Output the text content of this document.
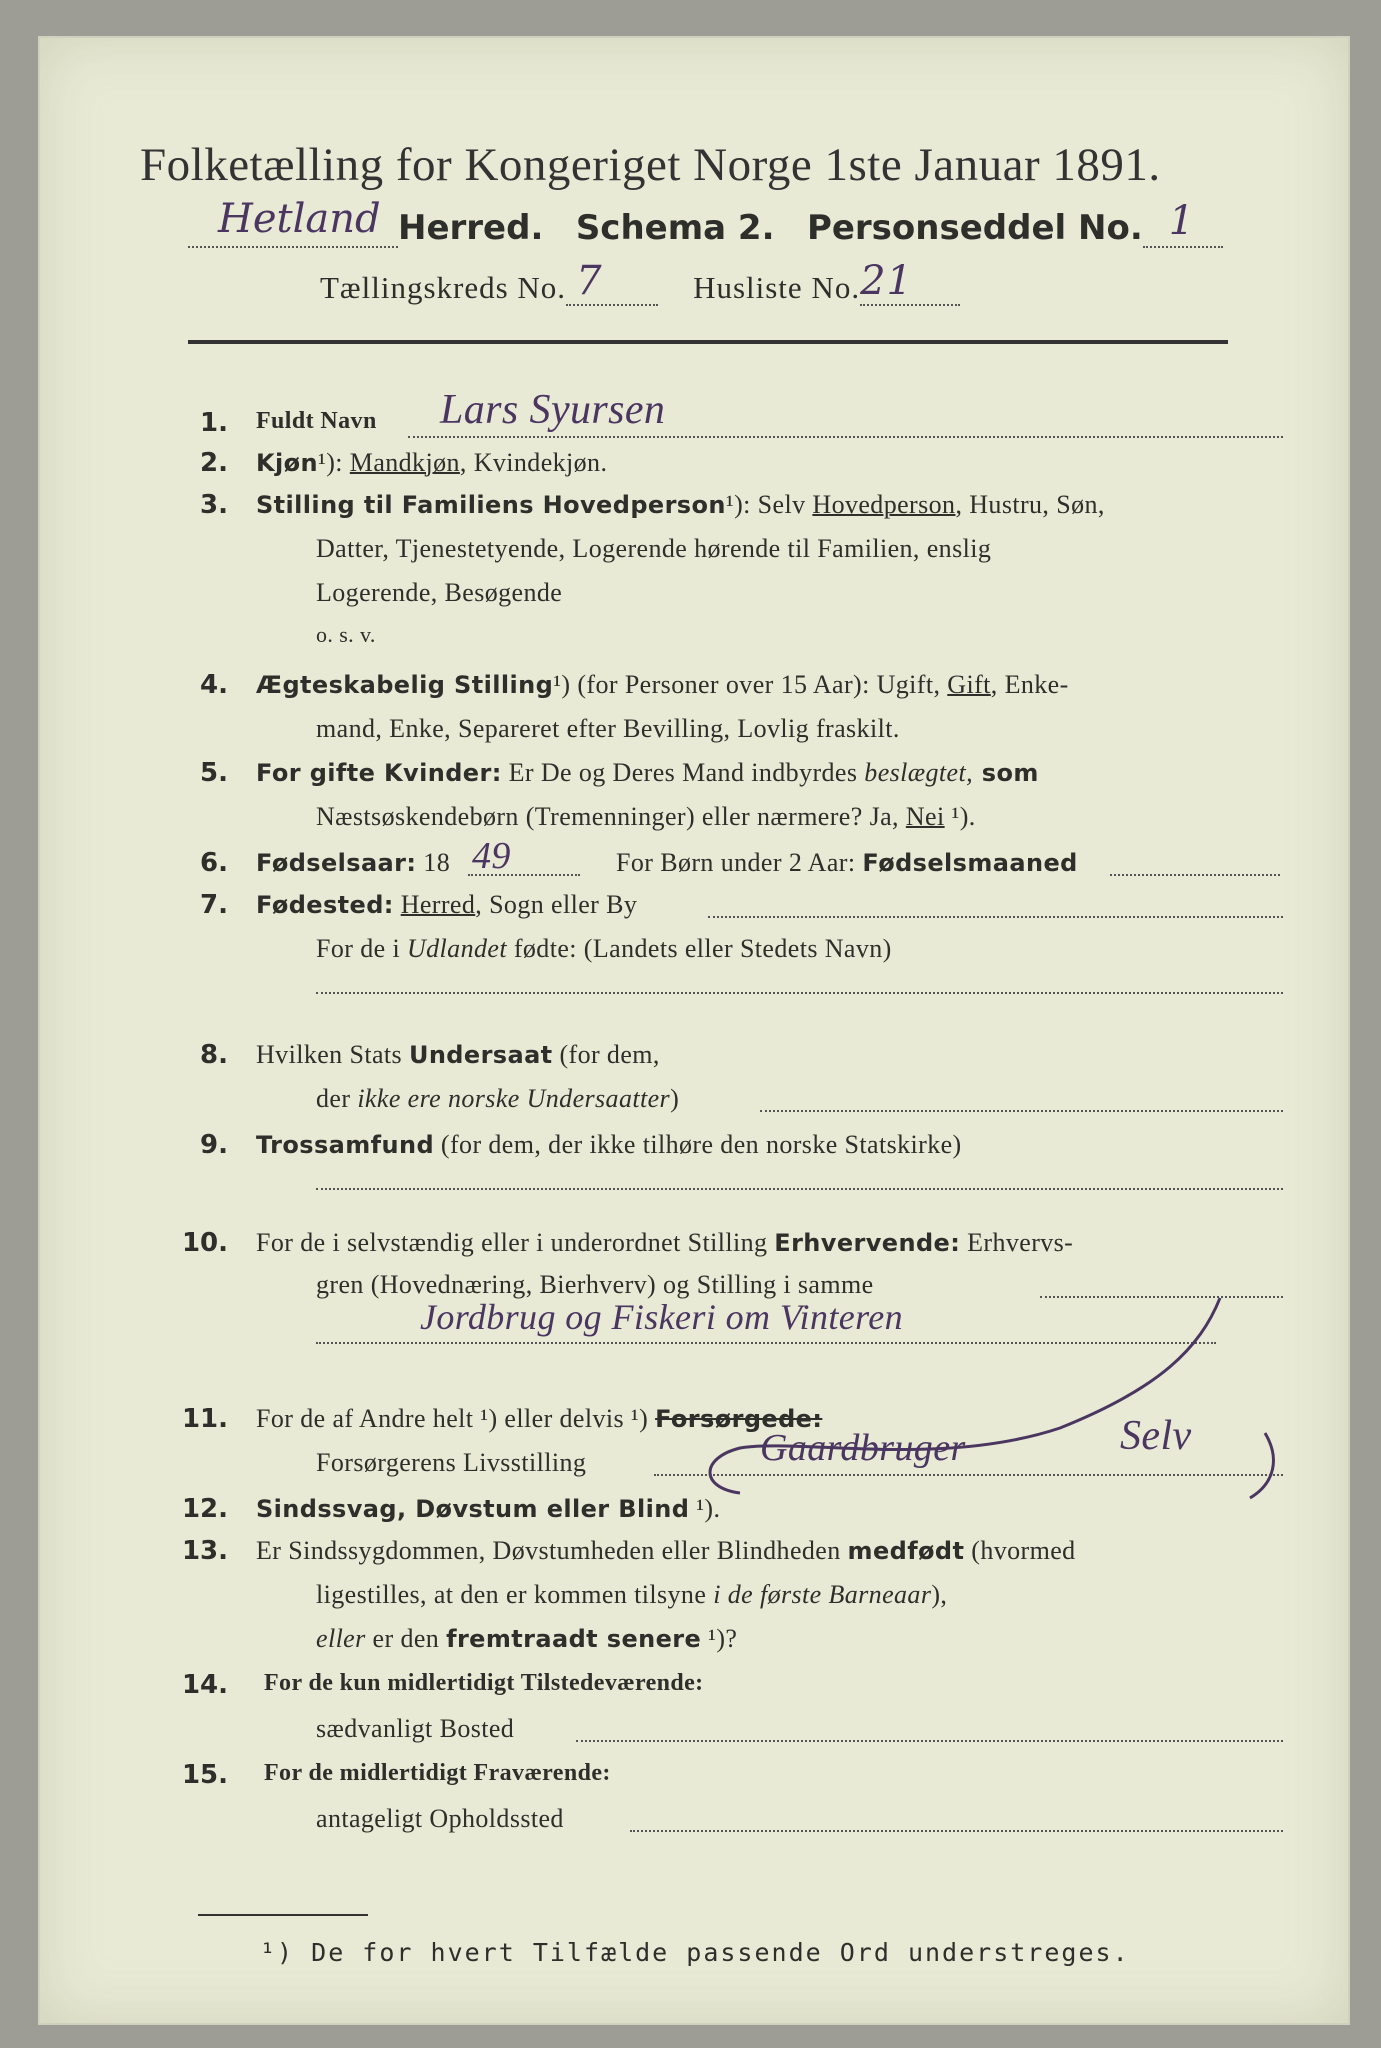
Folketælling for Kongeriget Norge 1ste Januar 1891.
Hetland Herred. Schema 2. Personseddel No. 1
Tællingskreds No. 7	Husliste No. 21
1. Fuldt Navn Lars Syursen
2. Kjøn¹): Mandkjøn, Kvindekjøn.
3. Stilling til Familiens Hovedperson¹): Selv Hovedperson, Hustru, Søn,
Datter, Tjenestetyende, Logerende hørende til Familien, enslig
Logerende, Besøgende
o. s. v.
4. Ægteskabelig Stilling¹) (for Personer over 15 Aar): Ugift, Gift, Enke-
mand, Enke, Separeret efter Bevilling, Lovlig fraskilt.
5. For gifte Kvinder: Er De og Deres Mand indbyrdes beslægtet, som
Næstsøskendebørn (Tremenninger) eller nærmere? Ja, Nei ¹).
6. Fødselsaar: 18 49	For Børn under 2 Aar: Fødselsmaaned
7. Fødested: Herred, Sogn eller By
For de i Udlandet fødte: (Landets eller Stedets Navn)
8. Hvilken Stats Undersaat (for dem,
der ikke ere norske Undersaatter)
9. Trossamfund (for dem, der ikke tilhøre den norske Statskirke)
10. For de i selvstændig eller i underordnet Stilling Erhvervende: Erhvervs-
gren (Hovednæring, Bierhverv) og Stilling i samme
Jordbrug og Fiskeri om Vinteren
11. For de af Andre helt ¹) eller delvis ¹) Forsørgede:
Forsørgerens Livsstilling	Gaardbruger	Selv
12. Sindssvag, Døvstum eller Blind ¹).
13. Er Sindssygdommen, Døvstumheden eller Blindheden medfødt (hvormed
ligestilles, at den er kommen tilsyne i de første Barneaar),
eller er den fremtraadt senere ¹)?
14. For de kun midlertidigt Tilstedeværende:
sædvanligt Bosted
15. For de midlertidigt Fraværende:
antageligt Opholdssted
¹) De for hvert Tilfælde passende Ord understreges.
